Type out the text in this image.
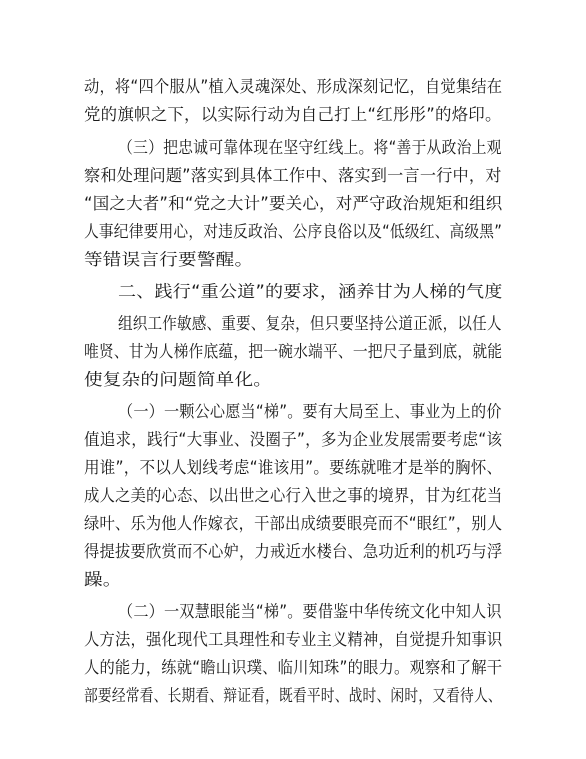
动，将“四个服从”植入灵魂深处、形成深刻记忆，自觉集结在
党的旗帜之下，以实际行动为自己打上“红彤彤”的烙印。
（三）把忠诚可靠体现在坚守红线上。将“善于从政治上观
察和处理问题”落实到具体工作中、落实到一言一行中，对
“国之大者”和“党之大计”要关心，对严守政治规矩和组织
人事纪律要用心，对违反政治、公序良俗以及“低级红、高级黑”
等错误言行要警醒。
二、践行“重公道”的要求，涵养甘为人梯的气度
组织工作敏感、重要、复杂，但只要坚持公道正派，以任人
唯贤、甘为人梯作底蕴，把一碗水端平、一把尺子量到底，就能
使复杂的问题简单化。
（一）一颗公心愿当“梯”。要有大局至上、事业为上的价
值追求，践行“大事业、没圈子”，多为企业发展需要考虑“该
用谁”，不以人划线考虑“谁该用”。要练就唯才是举的胸怀、
成人之美的心态、以出世之心行入世之事的境界，甘为红花当
绿叶、乐为他人作嫁衣，干部出成绩要眼亮而不“眼红”，别人
得提拔要欣赏而不心妒，力戒近水楼台、急功近利的机巧与浮
躁。
（二）一双慧眼能当“梯”。要借鉴中华传统文化中知人识
人方法，强化现代工具理性和专业主义精神，自觉提升知事识
人的能力，练就“瞻山识璞、临川知珠”的眼力。观察和了解干
部要经常看、长期看、辩证看，既看平时、战时、闲时，又看待人、
